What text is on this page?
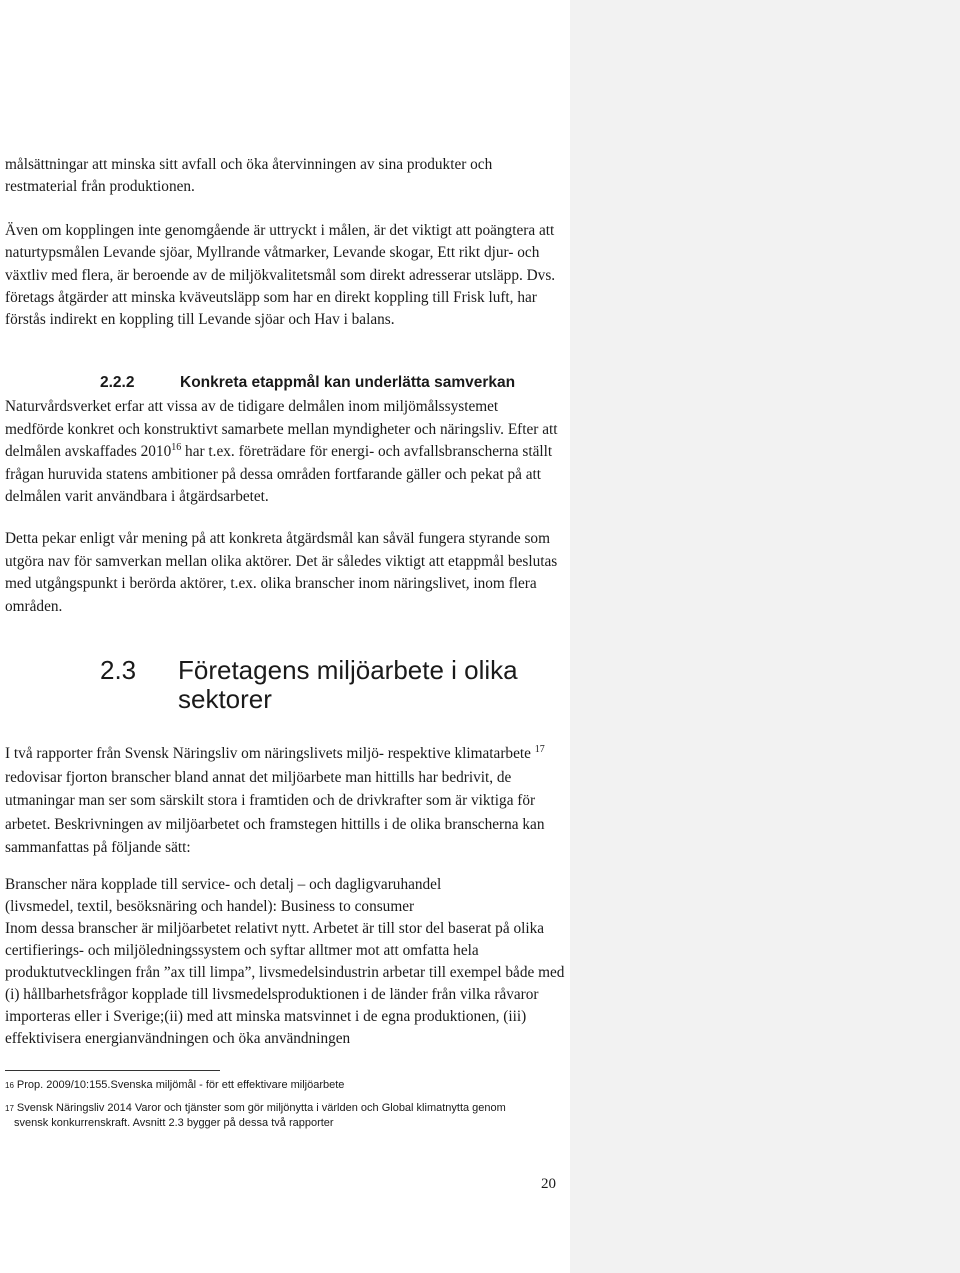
målsättningar att minska sitt avfall och öka återvinningen av sina produkter och

restmaterial från produktionen.

Även om kopplingen inte genomgående är uttryckt i målen, är det viktigt att poängtera att naturtypsmålen Levande sjöar, Myllrande våtmarker, Levande skogar, Ett rikt djur- och växtliv med flera, är beroende av de miljökvalitetsmål som direkt adresserar utsläpp. Dvs. företags åtgärder att minska kväveutsläpp som har en direkt koppling till Frisk luft, har förstås indirekt en koppling till Levande sjöar och Hav i balans.

2.2.2	Konkreta etappmål kan underlätta samverkan

Naturvårdsverket erfar att vissa av de tidigare delmålen inom miljömålssystemet medförde konkret och konstruktivt samarbete mellan myndigheter och näringsliv. Efter att delmålen avskaffades 2010$^{16}$ har t.ex. företrädare för energi- och avfallsbranscherna ställt frågan huruvida statens ambitioner på dessa områden fortfarande gäller och pekat på att delmålen varit användbara i åtgärdsarbetet.

Detta pekar enligt vår mening på att konkreta åtgärdsmål kan såväl fungera styrande som utgöra nav för samverkan mellan olika aktörer. Det är således viktigt att etappmål beslutas med utgångspunkt i berörda aktörer, t.ex. olika branscher inom näringslivet, inom flera områden.

2.3 Företagens miljöarbete i olika sektorer

I två rapporter från Svensk Näringsliv om näringslivets miljö- respektive klimatarbete $^{17}$ redovisar fjorton branscher bland annat det miljöarbete man hittills har bedrivit, de utmaningar man ser som särskilt stora i framtiden och de drivkrafter som är viktiga för arbetet. Beskrivningen av miljöarbetet och framstegen hittills i de olika branscherna kan sammanfattas på följande sätt:

Branscher nära kopplade till service- och detalj – och dagligvaruhandel

(livsmedel, textil, besöksnäring och handel): Business to consumer

Inom dessa branscher är miljöarbetet relativt nytt. Arbetet är till stor del baserat på olika certifierings- och miljöledningssystem och syftar alltmer mot att omfatta hela produktutvecklingen från ”ax till limpa”, livsmedelsindustrin arbetar till exempel både med (i) hållbarhetsfrågor kopplade till livsmedelsproduktionen i de länder från vilka råvaror importeras eller i Sverige;(ii) med att minska matsvinnet i de egna produktionen, (iii) effektivisera energianvändningen och öka användningen

$^{16}$ Prop. 2009/10:155.Svenska miljömål - för ett effektivare miljöarbete

$^{17}$ Svensk Näringsliv 2014 Varor och tjänster som gör miljönytta i världen och Global klimatnytta genom
svensk konkurrenskraft. Avsnitt 2.3 bygger på dessa två rapporter

20
